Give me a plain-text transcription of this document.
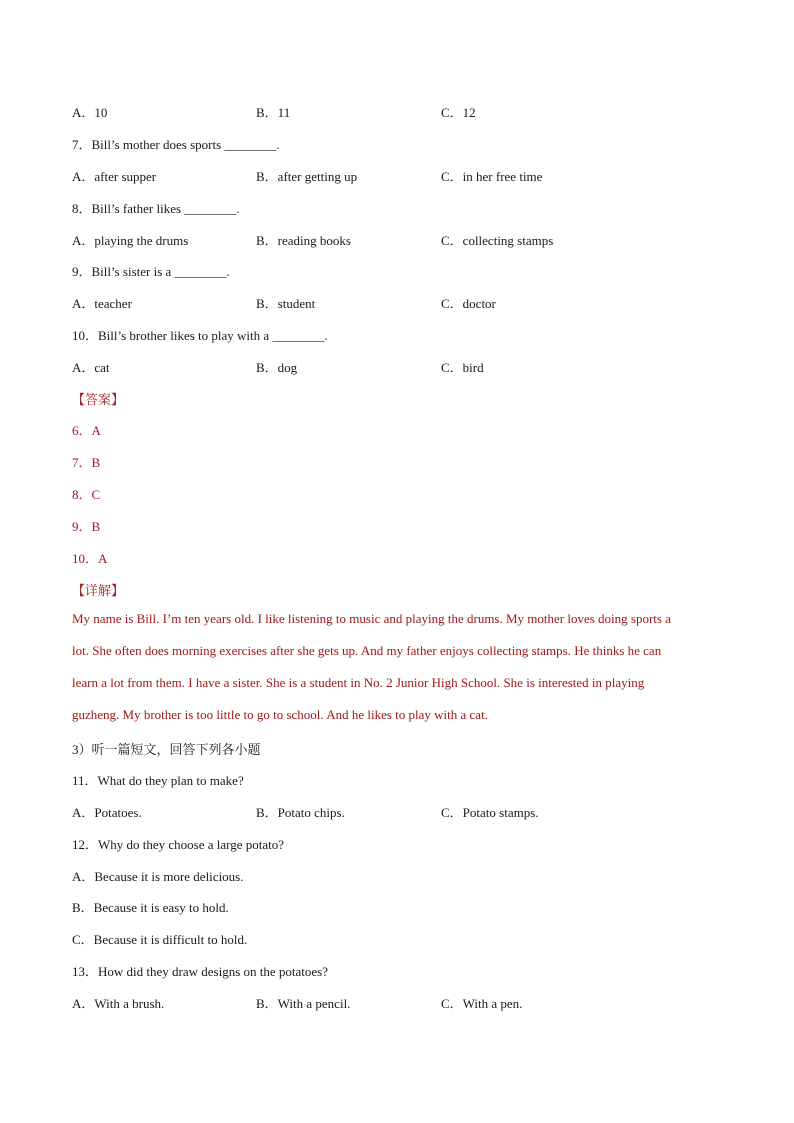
A．10	B．11	C．12
7．Bill’s mother does sports ________.
A．after supper	B．after getting up	C．in her free time
8．Bill’s father likes ________.
A．playing the drums	B．reading books	C．collecting stamps
9．Bill’s sister is a ________.
A．teacher	B．student	C．doctor
10．Bill’s brother likes to play with a ________.
A．cat	B．dog	C．bird
【答案】
6．A
7．B
8．C
9．B
10．A
【详解】
My name is Bill. I’m ten years old. I like listening to music and playing the drums. My mother loves doing sports a
lot. She often does morning exercises after she gets up. And my father enjoys collecting stamps. He thinks he can
learn a lot from them. I have a sister. She is a student in No. 2 Junior High School. She is interested in playing
guzheng. My brother is too little to go to school. And he likes to play with a cat.
3）听一篇短文，回答下列各小题
11．What do they plan to make?
A．Potatoes.	B．Potato chips.	C．Potato stamps.
12．Why do they choose a large potato?
A．Because it is more delicious.
B．Because it is easy to hold.
C．Because it is difficult to hold.
13．How did they draw designs on the potatoes?
A．With a brush.	B．With a pencil.	C．With a pen.
